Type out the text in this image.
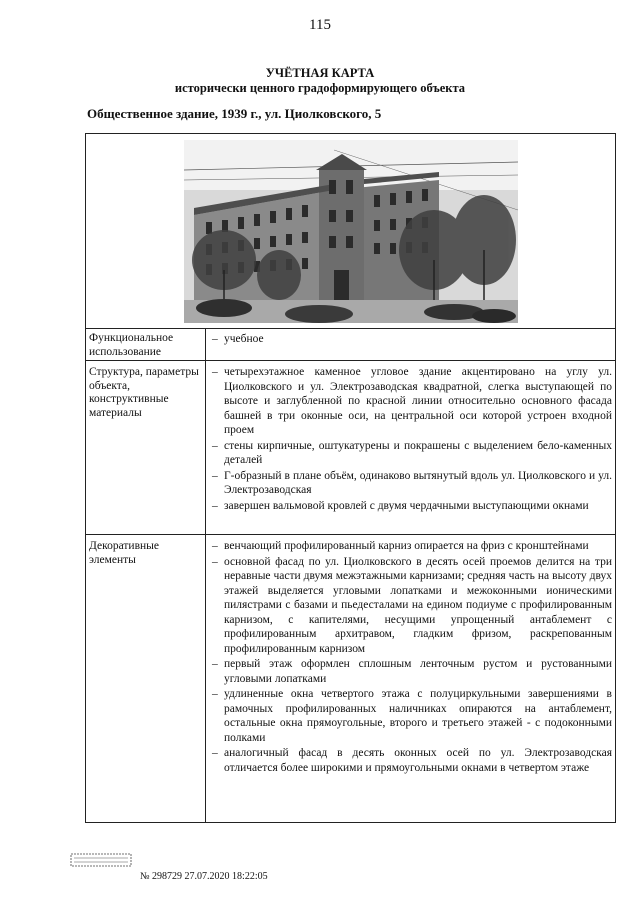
115
УЧЁТНАЯ КАРТА
исторически ценного градоформирующего объекта
Общественное здание, 1939 г., ул. Циолковского, 5
Функциональное использование
– учебное
Структура, параметры объекта, конструктивные материалы
– четырехэтажное каменное угловое здание акцентировано на углу ул. Циолковского и ул. Электрозаводская квадратной, слегка выступающей по высоте и заглубленной по красной линии относительно основного фасада башней в три оконные оси, на центральной оси которой устроен входной проем
– стены кирпичные, оштукатурены и покрашены с выделением бело-каменных деталей
– Г-образный в плане объём, одинаково вытянутый вдоль ул. Циолковского и ул. Электрозаводская
– завершен вальмовой кровлей с двумя чердачными выступающими окнами
Декоративные элементы
– венчающий профилированный карниз опирается на фриз с кронштейнами
– основной фасад по ул. Циолковского в десять осей проемов делится на три неравные части двумя межэтажными карнизами; средняя часть на высоту двух этажей выделяется угловыми лопатками и межоконными ионическими пилястрами с базами и пьедесталами на едином подиуме с профилированным карнизом, с капителями, несущими упрощенный антаблемент с профилированным архитравом, гладким фризом, раскрепованным профилированным карнизом
– первый этаж оформлен сплошным ленточным рустом и рустованными угловыми лопатками
– удлиненные окна четвертого этажа с полуциркульными завершениями в рамочных профилированных наличниках опираются на антаблемент, остальные окна прямоугольные, второго и третьего этажей - с подоконными полками
– аналогичный фасад в десять оконных осей по ул. Электрозаводская отличается более широкими и прямоугольными окнами в четвертом этаже
№ 298729 27.07.2020 18:22:05
